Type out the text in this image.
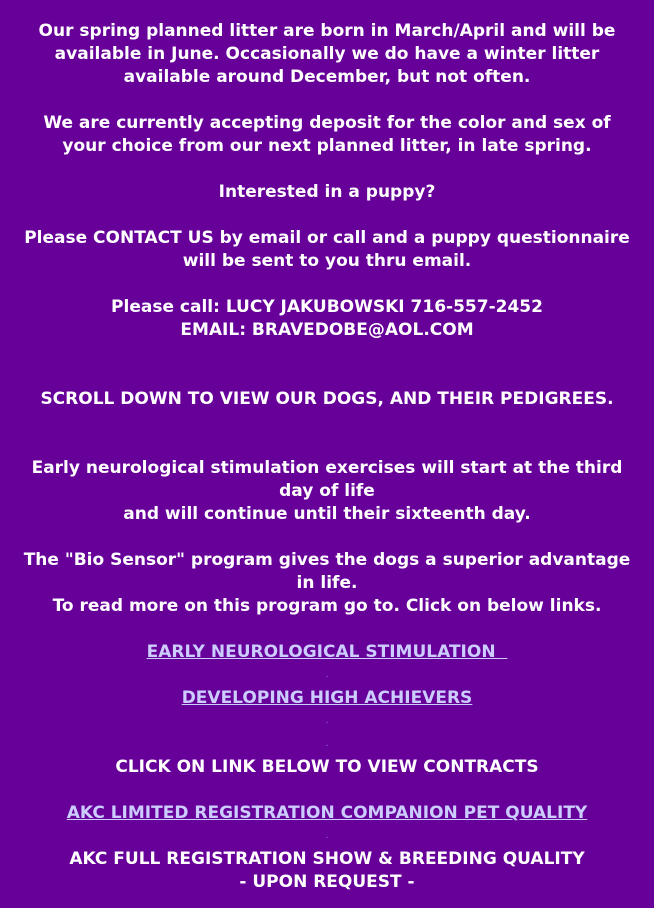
Our spring planned litter are born in March/April and will be
available in June. Occasionally we do have a winter litter
available around December, but not often.
We are currently accepting deposit for the color and sex of
your choice from our next planned litter, in late spring.
Interested in a puppy?
Please CONTACT US by email or call and a puppy questionnaire
will be sent to you thru email.
Please call: LUCY JAKUBOWSKI 716-557-2452
EMAIL: BRAVEDOBE@AOL.COM
SCROLL DOWN TO VIEW OUR DOGS, AND THEIR PEDIGREES.
Early neurological stimulation exercises will start at the third
day of life
and will continue until their sixteenth day.
The "Bio Sensor" program gives the dogs a superior advantage
in life.
To read more on this program go to. Click on below links.
EARLY NEUROLOGICAL STIMULATION
.
DEVELOPING HIGH ACHIEVERS
.
.
CLICK ON LINK BELOW TO VIEW CONTRACTS
AKC LIMITED REGISTRATION COMPANION PET QUALITY
.
AKC FULL REGISTRATION SHOW & BREEDING QUALITY
- UPON REQUEST -
